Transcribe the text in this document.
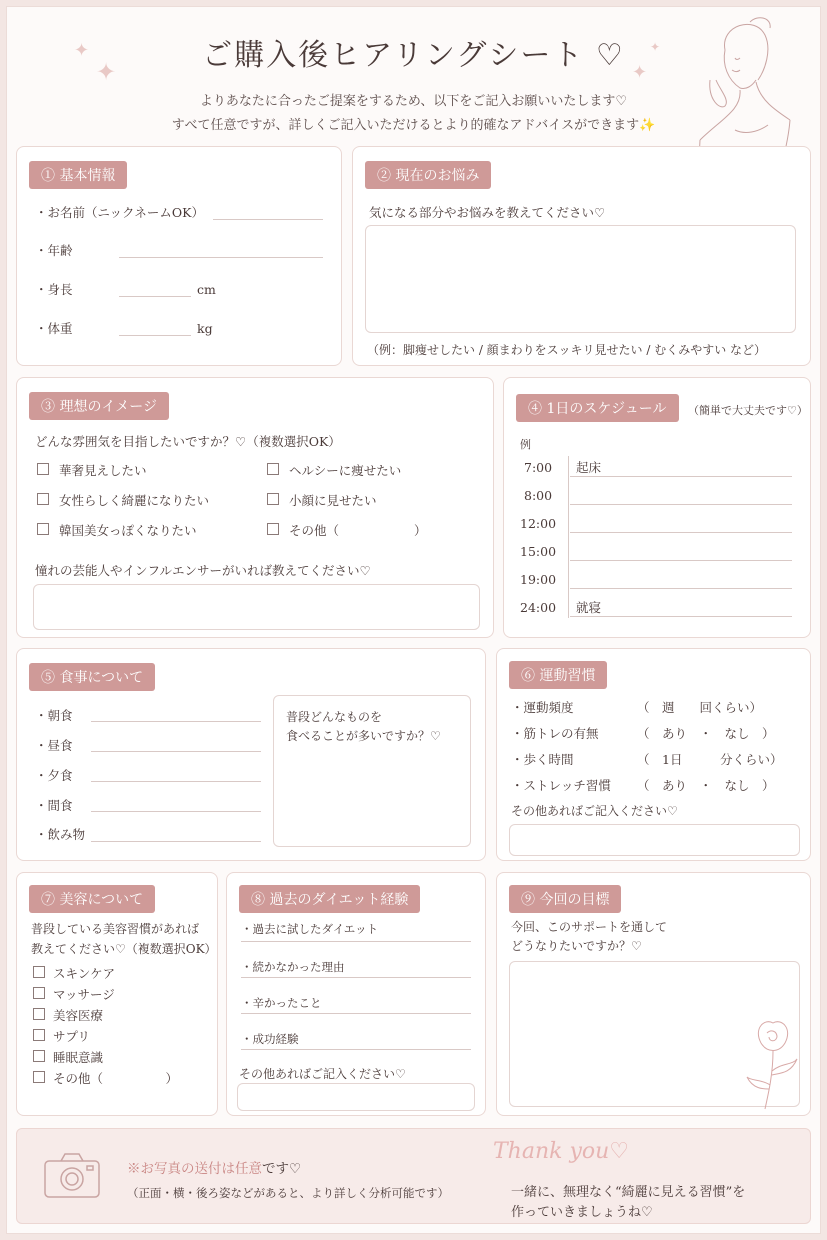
ご購入後ヒアリングシート ♡
よりあなたに合ったご提案をするため、以下をご記入お願いいたします♡
すべて任意ですが、詳しくご記入いただけるとより的確なアドバイスができます✨
✦
✦	✦
✦
① 基本情報
・お名前（ニックネームOK）
・年齢
・身長	cm
・体重	kg
② 現在のお悩み
気になる部分やお悩みを教えてください♡
（例：脚痩せしたい / 顔まわりをスッキリ見せたい / むくみやすい など）
③ 理想のイメージ
どんな雰囲気を目指したいですか？♡（複数選択OK）
華奢見えしたい	ヘルシーに痩せたい
女性らしく綺麗になりたい	小顔に見せたい
韓国美女っぽくなりたい	その他（　　　　　　）
憧れの芸能人やインフルエンサーがいれば教えてください♡
④ 1日のスケジュール	（簡単で大丈夫です♡）
例
7:00 起床
8:00
12:00
15:00
19:00
24:00 就寝
⑤ 食事について
・朝食
・昼食
・夕食
・間食
・飲み物
普段どんなものを
食べることが多いですか？♡
⑥ 運動習慣
・運動頻度	（　週　　回くらい）
・筋トレの有無	（　あり　・　なし　）
・歩く時間	（　1日　　　分くらい）
・ストレッチ習慣 （　あり　・　なし　）
その他あればご記入ください♡
⑦ 美容について
普段している美容習慣があれば
教えてください♡（複数選択OK）
スキンケア
マッサージ
美容医療
サプリ
睡眠意識
その他（　　　　　）
⑧ 過去のダイエット経験
・過去に試したダイエット
・続かなかった理由
・辛かったこと
・成功経験
その他あればご記入ください♡
⑨ 今回の目標
今回、このサポートを通して
どうなりたいですか？♡
※お写真の送付は任意です♡
（正面・横・後ろ姿などがあると、より詳しく分析可能です）
Thank you♡
一緒に、無理なく“綺麗に見える習慣”を
作っていきましょうね♡
